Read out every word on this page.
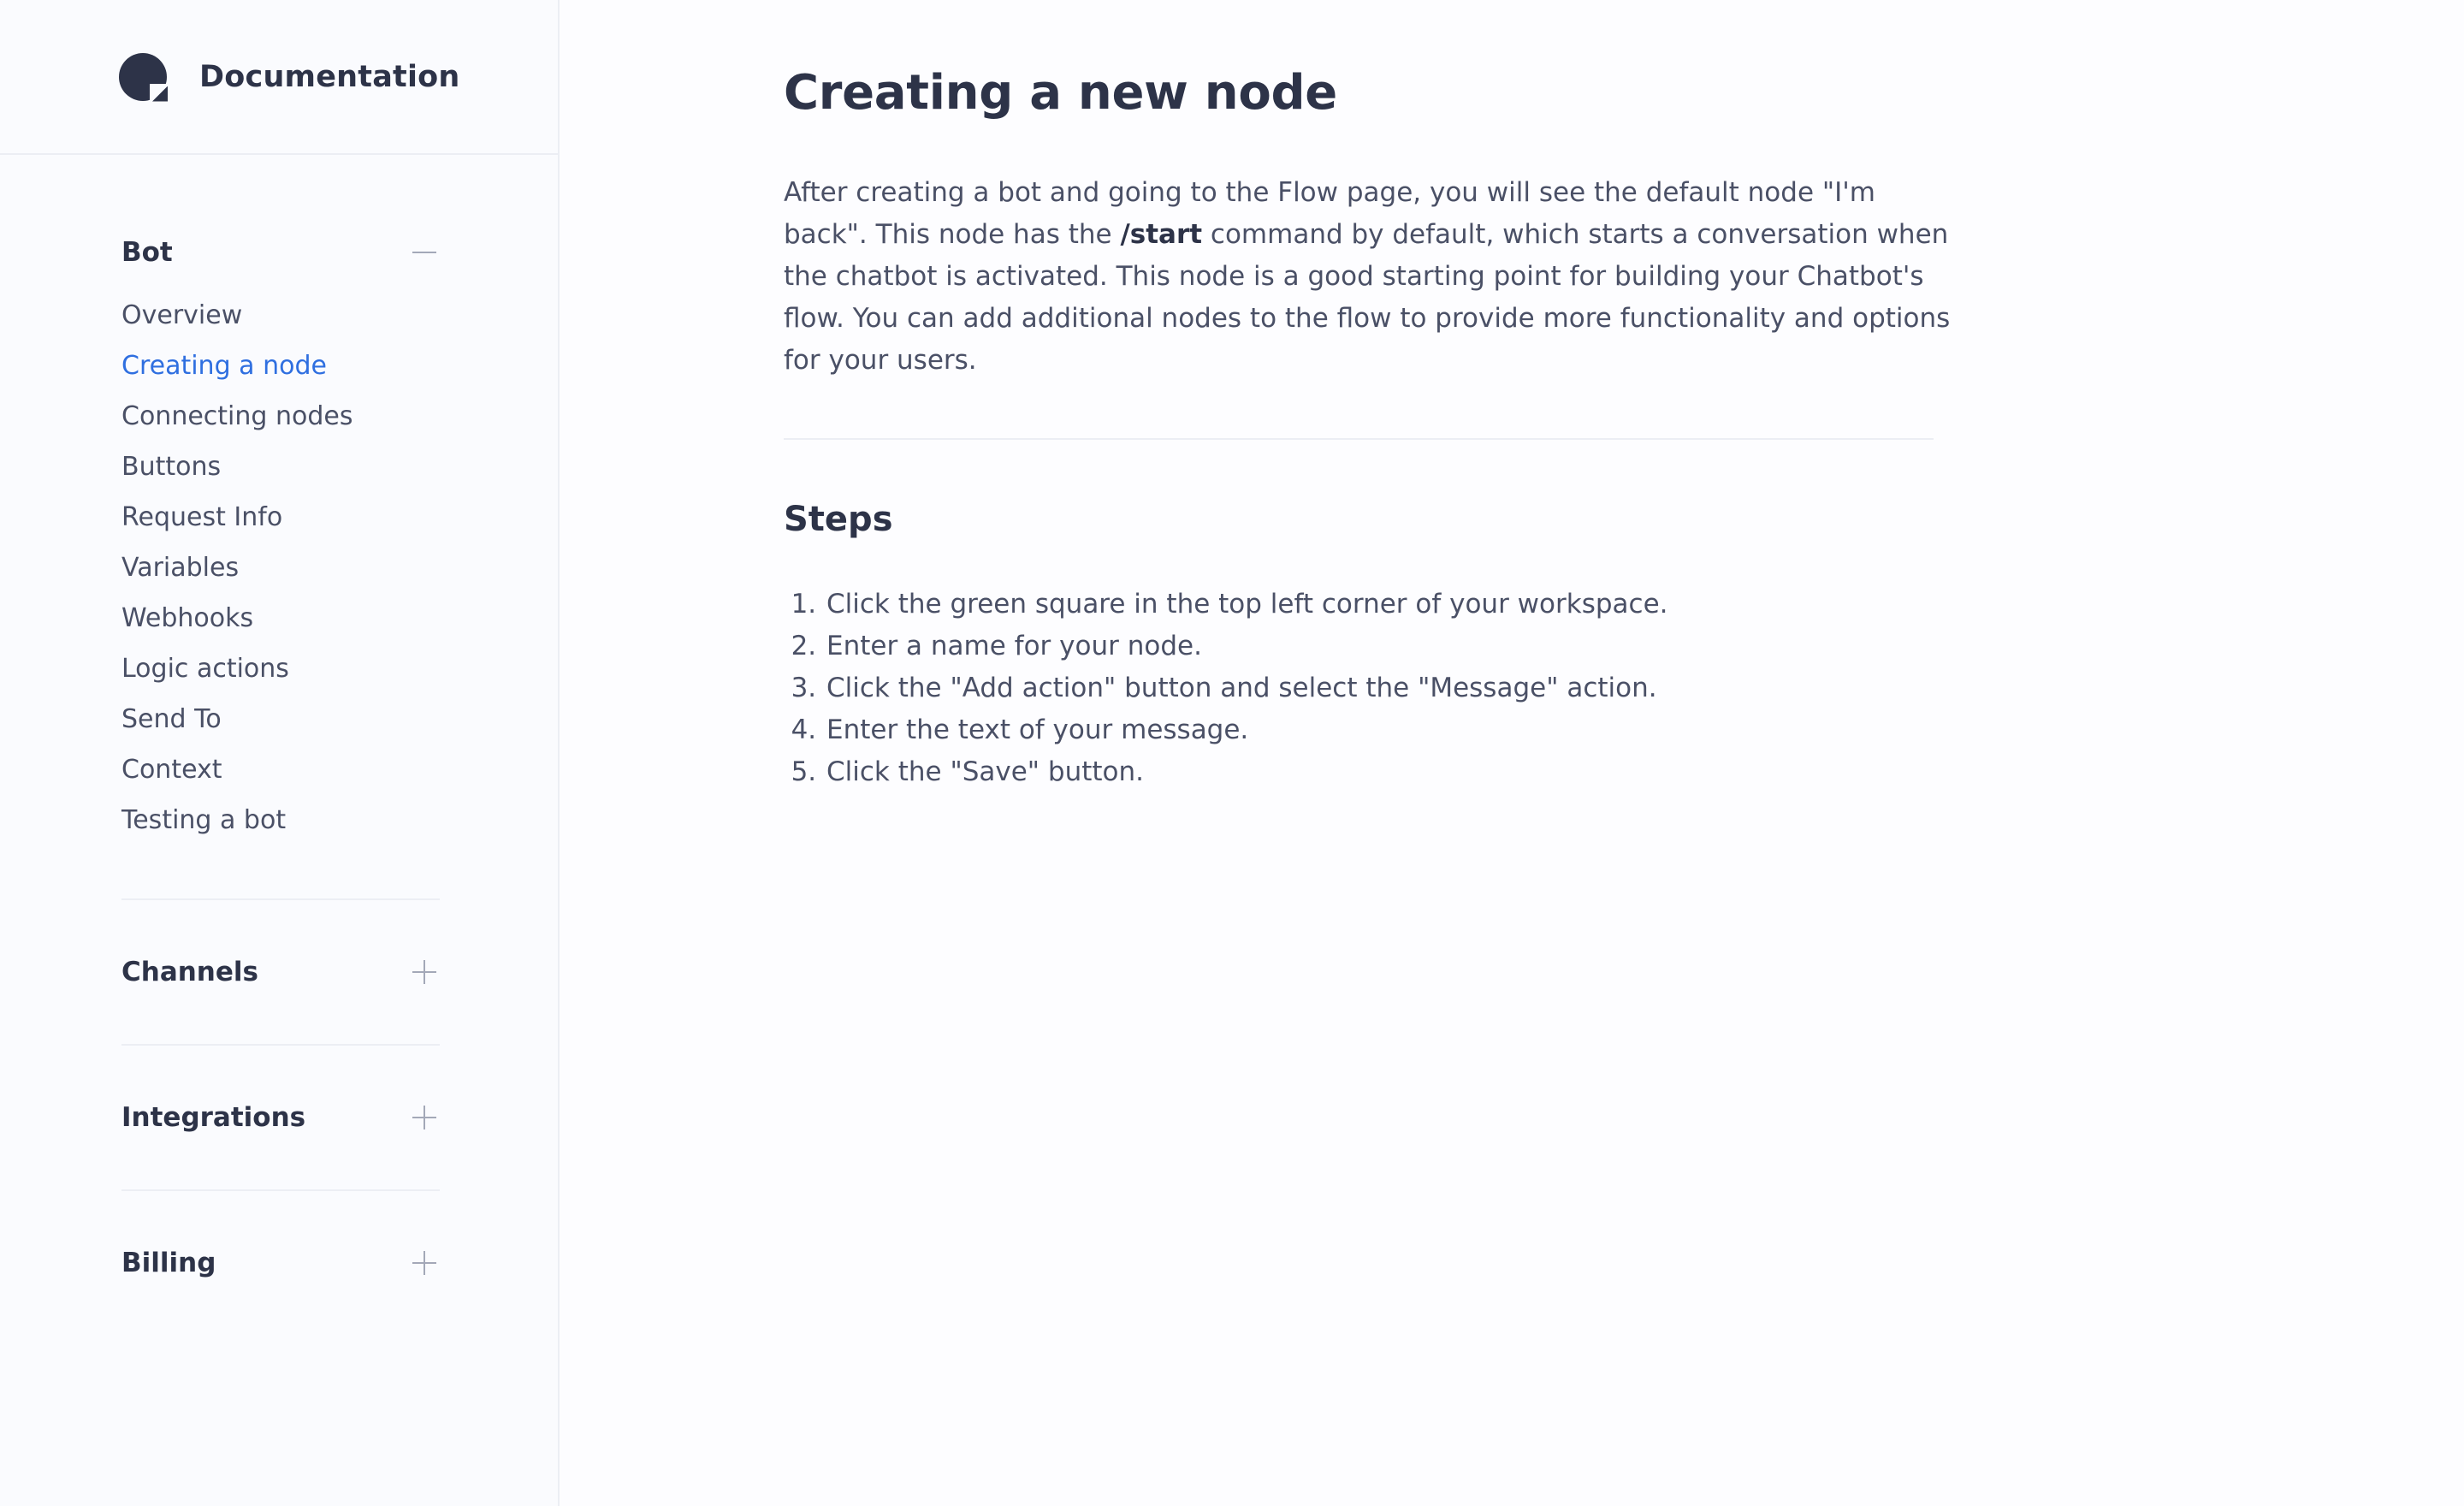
Documentation
Bot
Overview
Creating a node
Connecting nodes
Buttons
Request Info
Variables
Webhooks
Logic actions
Send To
Context
Testing a bot
Channels
Integrations
Billing
Creating a new node

After creating a bot and going to the Flow page, you will see the default node "I'm back". This node has the /start command by default, which starts a conversation when the chatbot is activated. This node is a good starting point for building your Chatbot's flow. You can add additional nodes to the flow to provide more functionality and options for your users.

Steps
1. Click the green square in the top left corner of your workspace.
2. Enter a name for your node.
3. Click the "Add action" button and select the "Message" action.
4. Enter the text of your message.
5. Click the "Save" button.
